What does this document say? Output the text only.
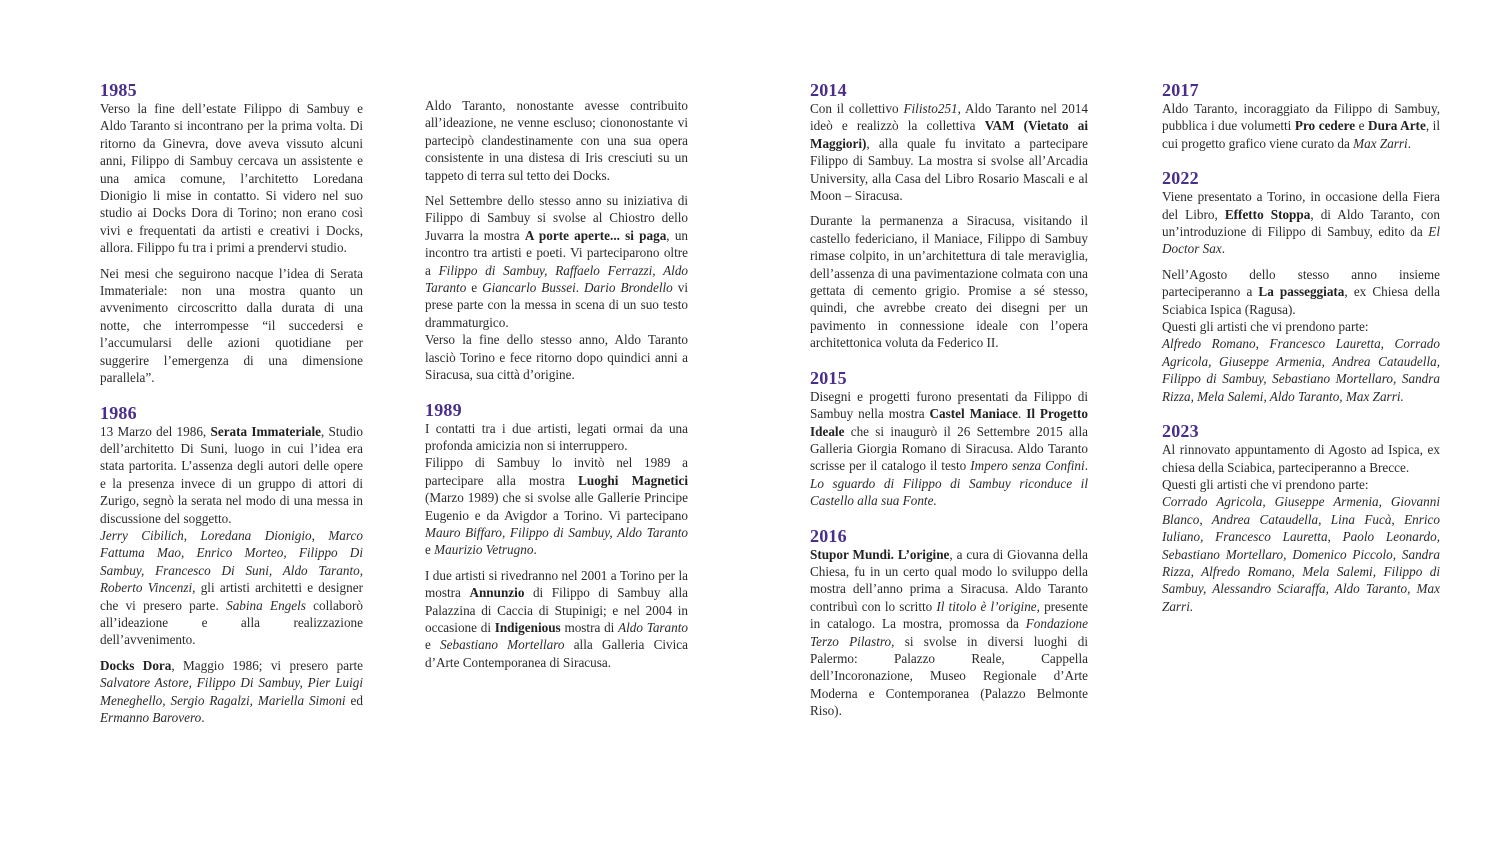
1985

Verso la fine dell’estate Filippo di Sambuy e Aldo Taranto si incontrano per la prima volta. Di ritorno da Ginevra, dove aveva vissuto alcuni anni, Filippo di Sambuy cercava un assistente e una amica comune, l’architetto Loredana Dionigio li mise in contatto. Si videro nel suo studio ai Docks Dora di Torino; non erano così vivi e frequentati da artisti e creativi i Docks, allora. Filippo fu tra i primi a prendervi studio.

Nei mesi che seguirono nacque l’idea di Serata Immateriale: non una mostra quanto un avvenimento circoscritto dalla durata di una notte, che interrompesse “il succedersi e l’accumularsi delle azioni quotidiane per suggerire l’emergenza di una dimensione parallela”.

1986

13 Marzo del 1986, Serata Immateriale, Studio dell’architetto Di Suni, luogo in cui l’idea era stata partorita. L’assenza degli autori delle opere e la presenza invece di un gruppo di attori di Zurigo, segnò la serata nel modo di una messa in discussione del soggetto.

Jerry Cibilich, Loredana Dionigio, Marco Fattuma Mao, Enrico Morteo, Filippo Di Sambuy, Francesco Di Suni, Aldo Taranto, Roberto Vincenzi, gli artisti architetti e designer che vi presero parte. Sabina Engels collaborò all’ideazione e alla realizzazione dell’avvenimento.

Docks Dora, Maggio 1986; vi presero parte Salvatore Astore, Filippo Di Sambuy, Pier Luigi Meneghello, Sergio Ragalzi, Mariella Simoni ed Ermanno Barovero.

Aldo Taranto, nonostante avesse contribuito all’ideazione, ne venne escluso; ciononostante vi partecipò clandestinamente con una sua opera consistente in una distesa di Iris cresciuti su un tappeto di terra sul tetto dei Docks.

Nel Settembre dello stesso anno su iniziativa di Filippo di Sambuy si svolse al Chiostro dello Juvarra la mostra A porte aperte... si paga, un incontro tra artisti e poeti. Vi parteciparono oltre a Filippo di Sambuy, Raffaelo Ferrazzi, Aldo Taranto e Giancarlo Bussei. Dario Brondello vi prese parte con la messa in scena di un suo testo drammaturgico.

Verso la fine dello stesso anno, Aldo Taranto lasciò Torino e fece ritorno dopo quindici anni a Siracusa, sua città d’origine.

1989

I contatti tra i due artisti, legati ormai da una profonda amicizia non si interruppero.

Filippo di Sambuy lo invitò nel 1989 a partecipare alla mostra Luoghi Magnetici (Marzo 1989) che si svolse alle Gallerie Principe Eugenio e da Avigdor a Torino. Vi partecipano Mauro Biffaro, Filippo di Sambuy, Aldo Taranto e Maurizio Vetrugno.

I due artisti si rivedranno nel 2001 a Torino per la mostra Annunzio di Filippo di Sambuy alla Palazzina di Caccia di Stupinigi; e nel 2004 in occasione di Indigenious mostra di Aldo Taranto e Sebastiano Mortellaro alla Galleria Civica d’Arte Contemporanea di Siracusa.

2014

Con il collettivo Filisto251, Aldo Taranto nel 2014 ideò e realizzò la collettiva VAM (Vietato ai Maggiori), alla quale fu invitato a partecipare Filippo di Sambuy. La mostra si svolse all’Arcadia University, alla Casa del Libro Rosario Mascali e al Moon – Siracusa.

Durante la permanenza a Siracusa, visitando il castello federiciano, il Maniace, Filippo di Sambuy rimase colpito, in un’architettura di tale meraviglia, dell’assenza di una pavimentazione colmata con una gettata di cemento grigio. Promise a sé stesso, quindi, che avrebbe creato dei disegni per un pavimento in connessione ideale con l’opera architettonica voluta da Federico II.

2015

Disegni e progetti furono presentati da Filippo di Sambuy nella mostra Castel Maniace. Il Progetto Ideale che si inaugurò il 26 Settembre 2015 alla Galleria Giorgia Romano di Siracusa. Aldo Taranto scrisse per il catalogo il testo Impero senza Confini. Lo sguardo di Filippo di Sambuy riconduce il Castello alla sua Fonte.

2016

Stupor Mundi. L’origine, a cura di Giovanna della Chiesa, fu in un certo qual modo lo sviluppo della mostra dell’anno prima a Siracusa. Aldo Taranto contribuì con lo scritto Il titolo è l’origine, presente in catalogo. La mostra, promossa da Fondazione Terzo Pilastro, si svolse in diversi luoghi di Palermo: Palazzo Reale, Cappella dell’Incoronazione, Museo Regionale d’Arte Moderna e Contemporanea (Palazzo Belmonte Riso).

2017

Aldo Taranto, incoraggiato da Filippo di Sambuy, pubblica i due volumetti Pro cedere e Dura Arte, il cui progetto grafico viene curato da Max Zarri.

2022

Viene presentato a Torino, in occasione della Fiera del Libro, Effetto Stoppa, di Aldo Taranto, con un’introduzione di Filippo di Sambuy, edito da El Doctor Sax.

Nell’Agosto dello stesso anno insieme parteciperanno a La passeggiata, ex Chiesa della Sciabica Ispica (Ragusa).

Questi gli artisti che vi prendono parte:

Alfredo Romano, Francesco Lauretta, Corrado Agricola, Giuseppe Armenia, Andrea Cataudella, Filippo di Sambuy, Sebastiano Mortellaro, Sandra Rizza, Mela Salemi, Aldo Taranto, Max Zarri.

2023

Al rinnovato appuntamento di Agosto ad Ispica, ex chiesa della Sciabica, parteciperanno a Brecce.

Questi gli artisti che vi prendono parte:

Corrado Agricola, Giuseppe Armenia, Giovanni Blanco, Andrea Cataudella, Lina Fucà, Enrico Iuliano, Francesco Lauretta, Paolo Leonardo, Sebastiano Mortellaro, Domenico Piccolo, Sandra Rizza, Alfredo Romano, Mela Salemi, Filippo di Sambuy, Alessandro Sciaraffa, Aldo Taranto, Max Zarri.
